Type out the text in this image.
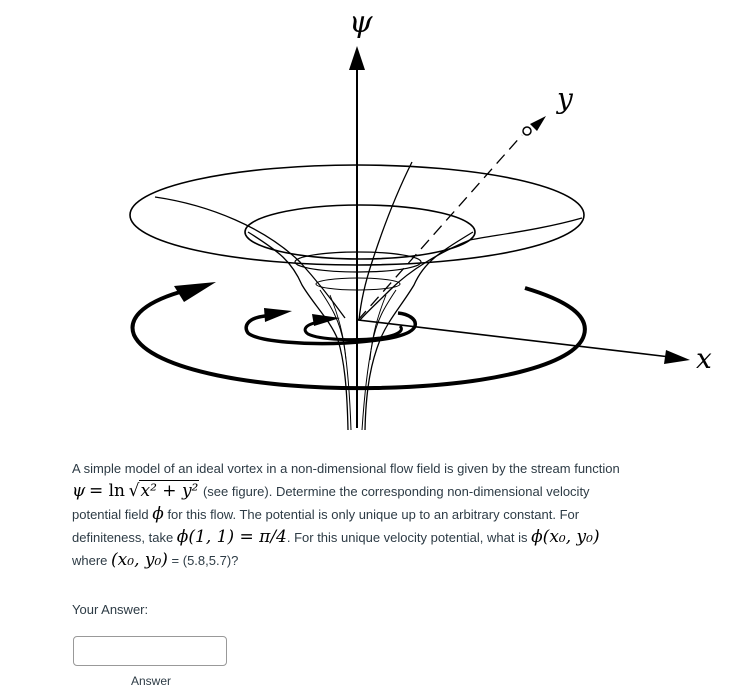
ψ
y
x
A simple model of an ideal vortex in a non-dimensional flow field is given by the stream function ψ = ln √x² + y² (see figure). Determine the corresponding non-dimensional velocity potential field ϕ for this flow. The potential is only unique up to an arbitrary constant. For definiteness, take ϕ(1, 1) = π/4. For this unique velocity potential, what is ϕ(x₀, y₀) where (x₀, y₀) = (5.8,5.7)?
Your Answer:
Answer
